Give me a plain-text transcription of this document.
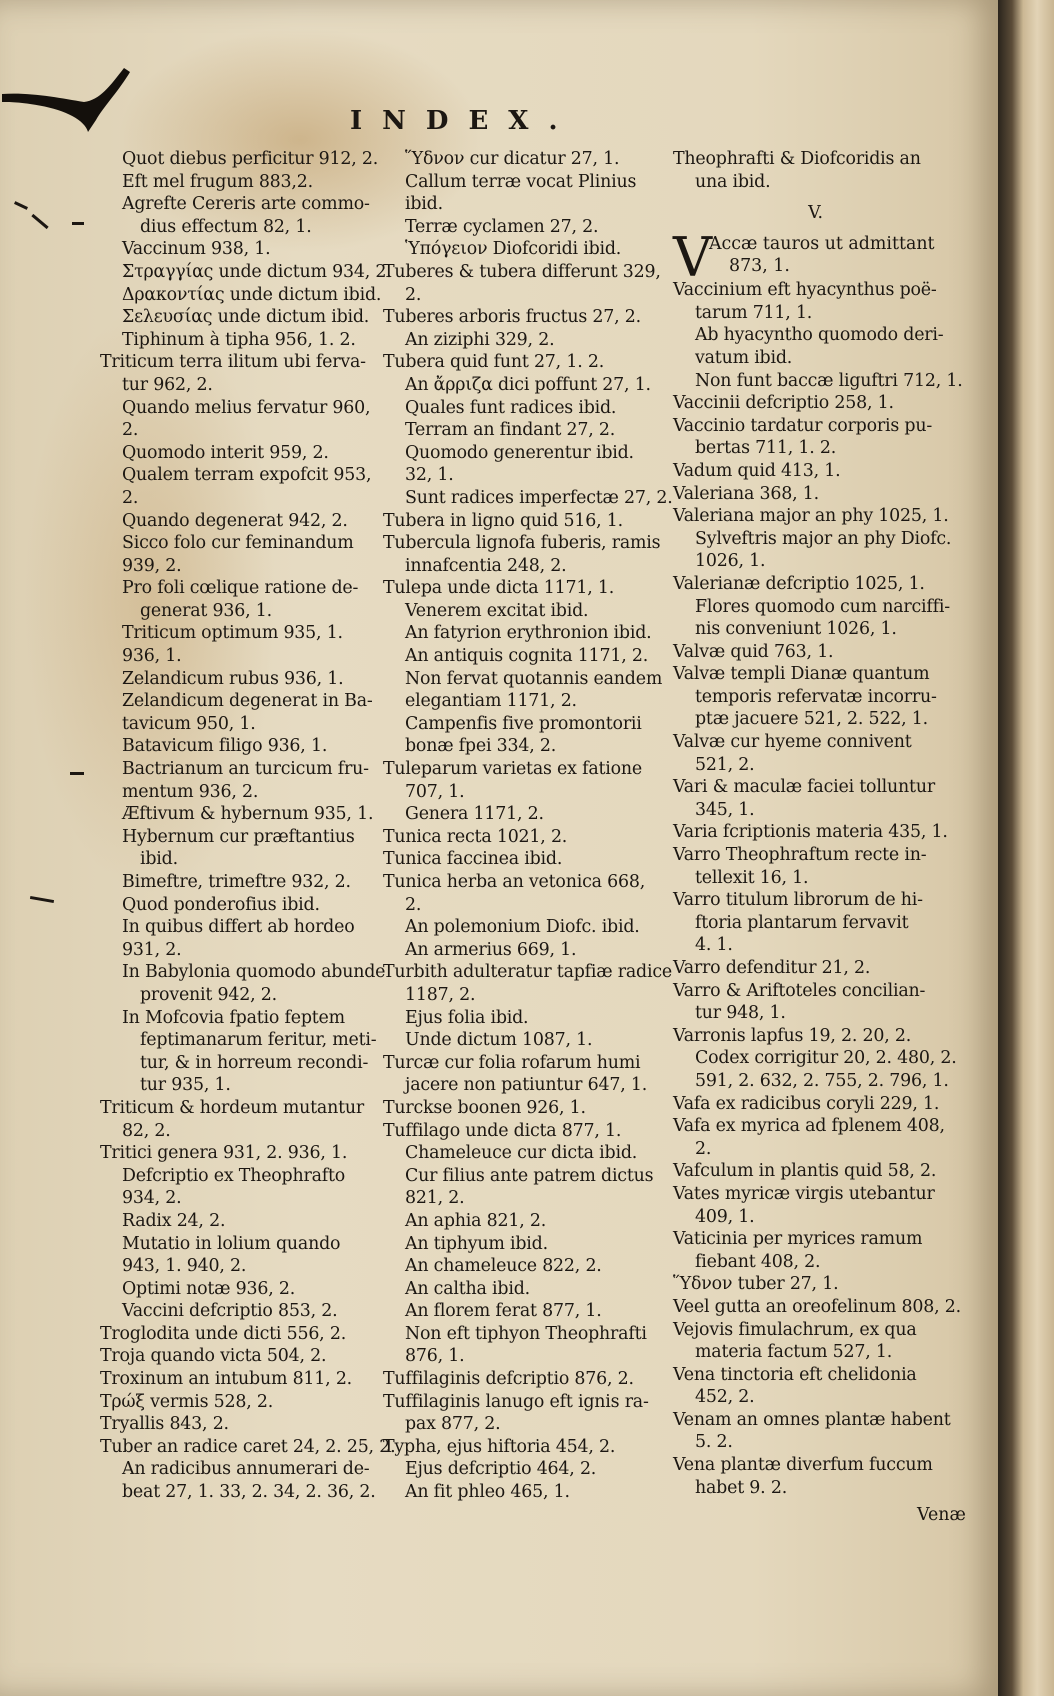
INDEX.
Quot diebus perficitur 912, 2.
Eft mel frugum 883,2.
Agrefte Cereris arte commo-
dius effectum 82, 1.
Vaccinum 938, 1.
Στραγγίας unde dictum 934, 2.
Δρακοντίας unde dictum ibid.
Σελευσίας unde dictum ibid.
Tiphinum à tipha 956, 1. 2.
Triticum terra ilitum ubi ferva-
tur 962, 2.
Quando melius fervatur 960,
2.
Quomodo interit 959, 2.
Qualem terram expofcit 953,
2.
Quando degenerat 942, 2.
Sicco folo cur feminandum
939, 2.
Pro foli cœlique ratione de-
generat 936, 1.
Triticum optimum 935, 1.
936, 1.
Zelandicum rubus 936, 1.
Zelandicum degenerat in Ba-
tavicum 950, 1.
Batavicum filigo 936, 1.
Bactrianum an turcicum fru-
mentum 936, 2.
Æftivum & hybernum 935, 1.
Hybernum cur præftantius
ibid.
Bimeftre, trimeftre 932, 2.
Quod ponderofius ibid.
In quibus differt ab hordeo
931, 2.
In Babylonia quomodo abunde
provenit 942, 2.
In Mofcovia fpatio feptem
feptimanarum feritur, meti-
tur, & in horreum recondi-
tur 935, 1.
Triticum & hordeum mutantur
82, 2.
Tritici genera 931, 2. 936, 1.
Defcriptio ex Theophrafto
934, 2.
Radix 24, 2.
Mutatio in lolium quando
943, 1. 940, 2.
Optimi notæ 936, 2.
Vaccini defcriptio 853, 2.
Troglodita unde dicti 556, 2.
Troja quando victa 504, 2.
Troxinum an intubum 811, 2.
Τρώξ vermis 528, 2.
Tryallis 843, 2.
Tuber an radice caret 24, 2. 25, 2.
An radicibus annumerari de-
beat 27, 1. 33, 2. 34, 2. 36, 2.
Ὕδνον cur dicatur 27, 1.
Callum terræ vocat Plinius
ibid.
Terræ cyclamen 27, 2.
Ὑπόγειον Diofcoridi ibid.
Tuberes & tubera differunt 329,
2.
Tuberes arboris fructus 27, 2.
An ziziphi 329, 2.
Tubera quid funt 27, 1. 2.
An ἄρριζα dici poffunt 27, 1.
Quales funt radices ibid.
Terram an findant 27, 2.
Quomodo generentur ibid.
32, 1.
Sunt radices imperfectæ 27, 2.
Tubera in ligno quid 516, 1.
Tubercula lignofa fuberis, ramis
innafcentia 248, 2.
Tulepa unde dicta 1171, 1.
Venerem excitat ibid.
An fatyrion erythronion ibid.
An antiquis cognita 1171, 2.
Non fervat quotannis eandem
elegantiam 1171, 2.
Campenfis five promontorii
bonæ fpei 334, 2.
Tuleparum varietas ex fatione
707, 1.
Genera 1171, 2.
Tunica recta 1021, 2.
Tunica faccinea ibid.
Tunica herba an vetonica 668,
2.
An polemonium Diofc. ibid.
An armerius 669, 1.
Turbith adulteratur tapfiæ radice
1187, 2.
Ejus folia ibid.
Unde dictum 1087, 1.
Turcæ cur folia rofarum humi
jacere non patiuntur 647, 1.
Turckse boonen 926, 1.
Tuffilago unde dicta 877, 1.
Chameleuce cur dicta ibid.
Cur filius ante patrem dictus
821, 2.
An aphia 821, 2.
An tiphyum ibid.
An chameleuce 822, 2.
An caltha ibid.
An florem ferat 877, 1.
Non eft tiphyon Theophrafti
876, 1.
Tuffilaginis defcriptio 876, 2.
Tuffilaginis lanugo eft ignis ra-
pax 877, 2.
Typha, ejus hiftoria 454, 2.
Ejus defcriptio 464, 2.
An fit phleo 465, 1.
Theophrafti & Diofcoridis an
una ibid.
V.
V
Accæ tauros ut admittant
873, 1.
Vaccinium eft hyacynthus poë-
tarum 711, 1.
Ab hyacyntho quomodo deri-
vatum ibid.
Non funt baccæ liguftri 712, 1.
Vaccinii defcriptio 258, 1.
Vaccinio tardatur corporis pu-
bertas 711, 1. 2.
Vadum quid 413, 1.
Valeriana 368, 1.
Valeriana major an phy 1025, 1.
Sylveftris major an phy Diofc.
1026, 1.
Valerianæ defcriptio 1025, 1.
Flores quomodo cum narciffi-
nis conveniunt 1026, 1.
Valvæ quid 763, 1.
Valvæ templi Dianæ quantum
temporis refervatæ incorru-
ptæ jacuere 521, 2. 522, 1.
Valvæ cur hyeme connivent
521, 2.
Vari & maculæ faciei tolluntur
345, 1.
Varia fcriptionis materia 435, 1.
Varro Theophraftum recte in-
tellexit 16, 1.
Varro titulum librorum de hi-
ftoria plantarum fervavit
4. 1.
Varro defenditur 21, 2.
Varro & Ariftoteles concilian-
tur 948, 1.
Varronis lapfus 19, 2. 20, 2.
Codex corrigitur 20, 2. 480, 2.
591, 2. 632, 2. 755, 2. 796, 1.
Vafa ex radicibus coryli 229, 1.
Vafa ex myrica ad fplenem 408,
2.
Vafculum in plantis quid 58, 2.
Vates myricæ virgis utebantur
409, 1.
Vaticinia per myrices ramum
fiebant 408, 2.
Ὕδνον tuber 27, 1.
Veel gutta an oreofelinum 808, 2.
Vejovis fimulachrum, ex qua
materia factum 527, 1.
Vena tinctoria eft chelidonia
452, 2.
Venam an omnes plantæ habent
5. 2.
Vena plantæ diverfum fuccum
habet 9. 2.
Venæ
